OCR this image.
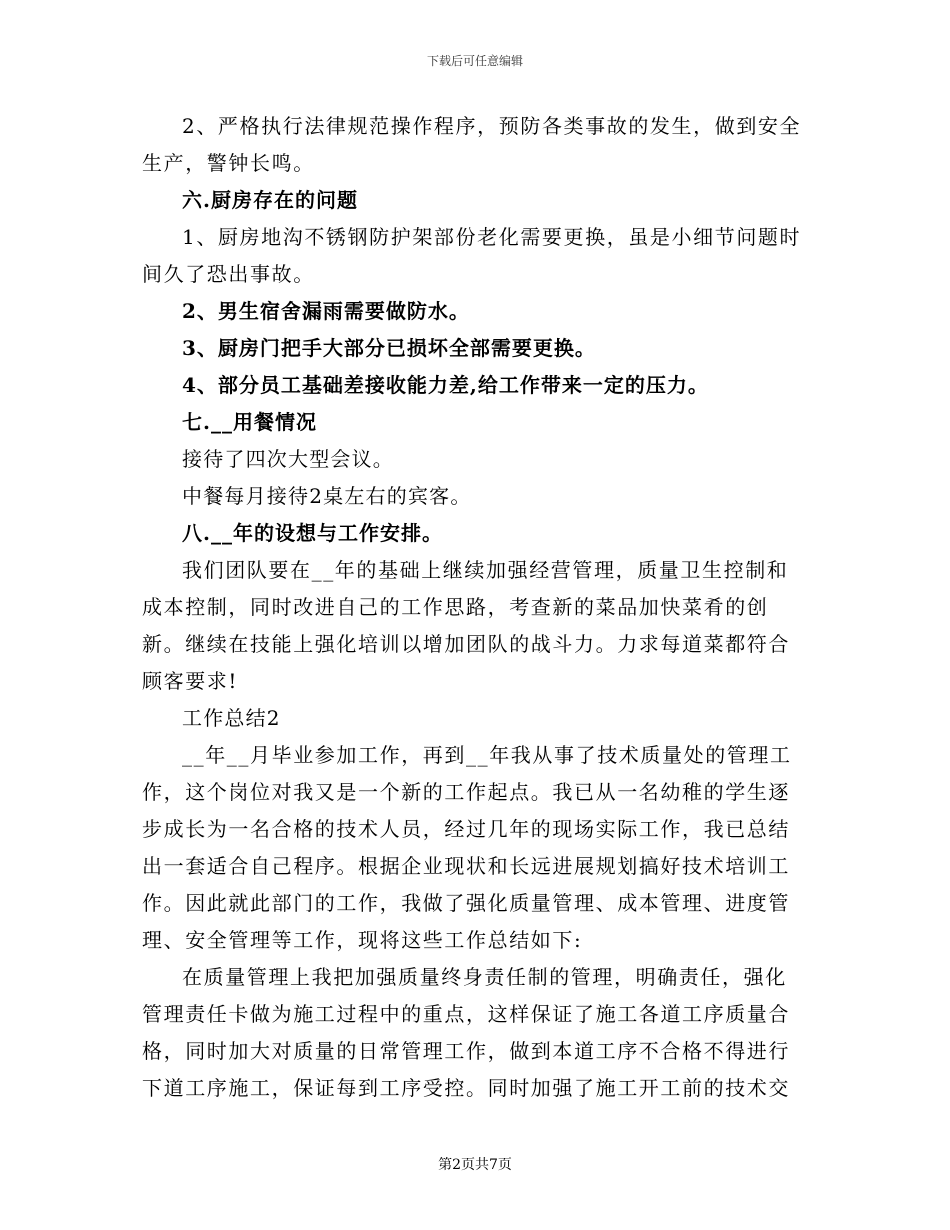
下载后可任意编辑

2、严格执行法律规范操作程序，预防各类事故的发生，做到安全生产，警钟长鸣。

六.厨房存在的问题

1、厨房地沟不锈钢防护架部份老化需要更换，虽是小细节问题时间久了恐出事故。

2、男生宿舍漏雨需要做防水。

3、厨房门把手大部分已损坏全部需要更换。

4、部分员工基础差接收能力差,给工作带来一定的压力。

七.__用餐情况

接待了四次大型会议。

中餐每月接待2桌左右的宾客。

八.__年的设想与工作安排。

我们团队要在__年的基础上继续加强经营管理，质量卫生控制和成本控制，同时改进自己的工作思路，考查新的菜品加快菜肴的创新。继续在技能上强化培训以增加团队的战斗力。力求每道菜都符合顾客要求!

工作总结2

__年__月毕业参加工作，再到__年我从事了技术质量处的管理工作，这个岗位对我又是一个新的工作起点。我已从一名幼稚的学生逐步成长为一名合格的技术人员，经过几年的现场实际工作，我已总结出一套适合自己程序。根据企业现状和长远进展规划搞好技术培训工作。因此就此部门的工作，我做了强化质量管理、成本管理、进度管理、安全管理等工作，现将这些工作总结如下:

在质量管理上我把加强质量终身责任制的管理，明确责任，强化管理责任卡做为施工过程中的重点，这样保证了施工各道工序质量合格，同时加大对质量的日常管理工作，做到本道工序不合格不得进行下道工序施工，保证每到工序受控。同时加强了施工开工前的技术交

第2页共7页
